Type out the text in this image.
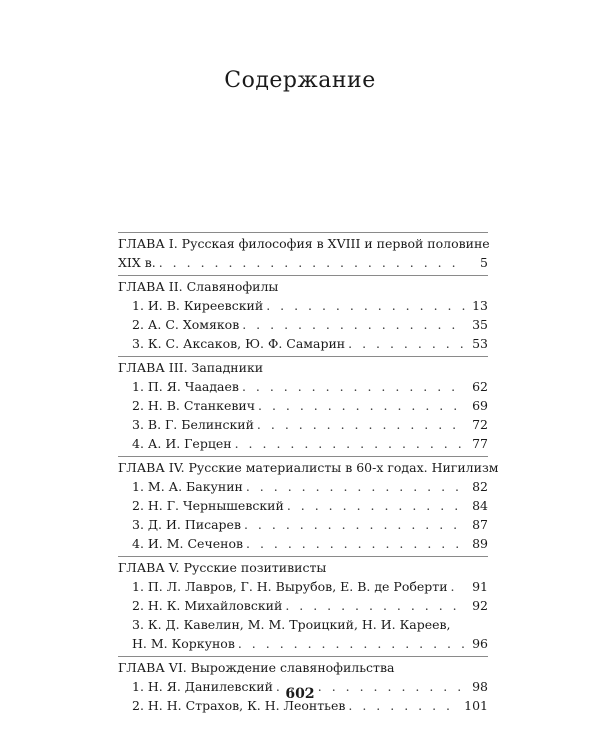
Содержание
ГЛАВА I. Русская философия в XVIII и первой половине
XIX в. . . .	5
ГЛАВА II. Славянофилы
1. И. В. Киреевский . . .	13
2. А. С. Хомяков . . .	35
3. К. С. Аксаков, Ю. Ф. Самарин . . .	53
ГЛАВА III. Западники
1. П. Я. Чаадаев . . .	62
2. Н. В. Станкевич . . .	69
3. В. Г. Белинский . . .	72
4. А. И. Герцен . . .	77
ГЛАВА IV. Русские материалисты в 60-х годах. Нигилизм
1. М. А. Бакунин . . .	82
2. Н. Г. Чернышевский . . .	84
3. Д. И. Писарев . . .	87
4. И. М. Сеченов . . .	89
ГЛАВА V. Русские позитивисты
1. П. Л. Лавров, Г. Н. Вырубов, Е. В. де Роберти . . .	91
2. Н. К. Михайловский . . .	92
3. К. Д. Кавелин, М. М. Троицкий, Н. И. Кареев,
Н. М. Коркунов . . .	96
ГЛАВА VI. Вырождение славянофильства
1. Н. Я. Данилевский . . .	98
2. Н. Н. Страхов, К. Н. Леонтьев . . .	101
602
